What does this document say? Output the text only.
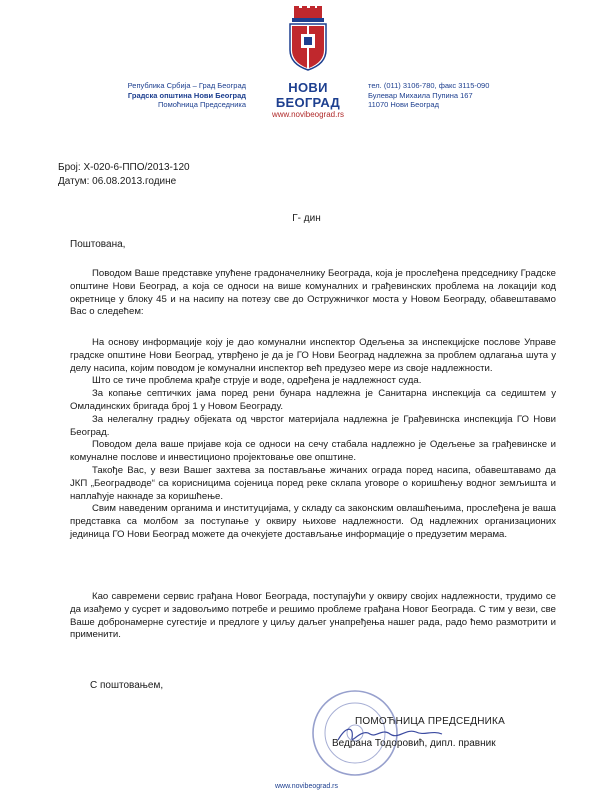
НОВИ БЕОГРАД
www.novibeograd.rs
Република Србија – Град Београд
Градска општина Нови Београд
Помоћница Председника
тел. (011) 3106-780, факс 3115-090
Булевар Михаила Пупина 167
11070 Нови Београд
Број: X-020-6-ППО/2013-120
Датум: 06.08.2013.године
Г- дин
Поштована,

Поводом Ваше представке упућене градоначелнику Београда, која је прослеђена председнику Градске општине Нови Београд, а која се односи на више комуналних и грађевинских проблема на локацији код окретнице у блоку 45 и на насипу на потезу све до Остружничког моста у Новом Београду, обавештавамо Вас о следећем:

На основу информације коју је дао комунални инспектор Одељења за инспекцијске послове Управе градске општине Нови Београд, утврђено је да је ГО Нови Београд надлежна за проблем одлагања шута у делу насипа, којим поводом је комунални инспектор већ предузео мере из своје надлежности.

Што се тиче проблема крађе струје и воде, одређена је надлежност суда.

За копање септичких јама поред рени бунара надлежна је Санитарна инспекција са седиштем у Омладинских бригада број 1 у Новом Београду.

За нелегалну градњу објеката од чврстог материјала надлежна је Грађевинска инспекција ГО Нови Београд.

Поводом дела ваше пријаве која се односи на сечу стабала надлежно је Одељење за грађевинске и комуналне послове и инвестиционо пројектовање ове општине.

Такође Вас, у вези Вашег захтева за постављање жичаних ограда поред насипа, обавештавамо да ЈКП „Београдводе“ са корисницима сојеница поред реке склапа уговоре о коришћењу водног земљишта и наплаћује накнаде за коришћење.

Свим наведеним органима и институцијама, у складу са законским овлашћењима, прослеђена је ваша представка са молбом за поступање у оквиру њихове надлежности. Од надлежних организационих јединица ГО Нови Београд можете да очекујете достављање информације о предузетим мерама.

Као савремени сервис грађана Новог Београда, поступајући у оквиру својих надлежности, трудимо се да изађемо у сусрет и задовољимо потребе и решимо проблеме грађана Новог Београда. С тим у вези, све Ваше добронамерне сугестије и предлоге у циљу даљег унапређења нашег рада, радо ћемо размотрити и применити.

С поштовањем,
ПОМОЋНИЦА ПРЕДСЕДНИКА
Ведрана Тодоровић, дипл. правник
www.novibeograd.rs
